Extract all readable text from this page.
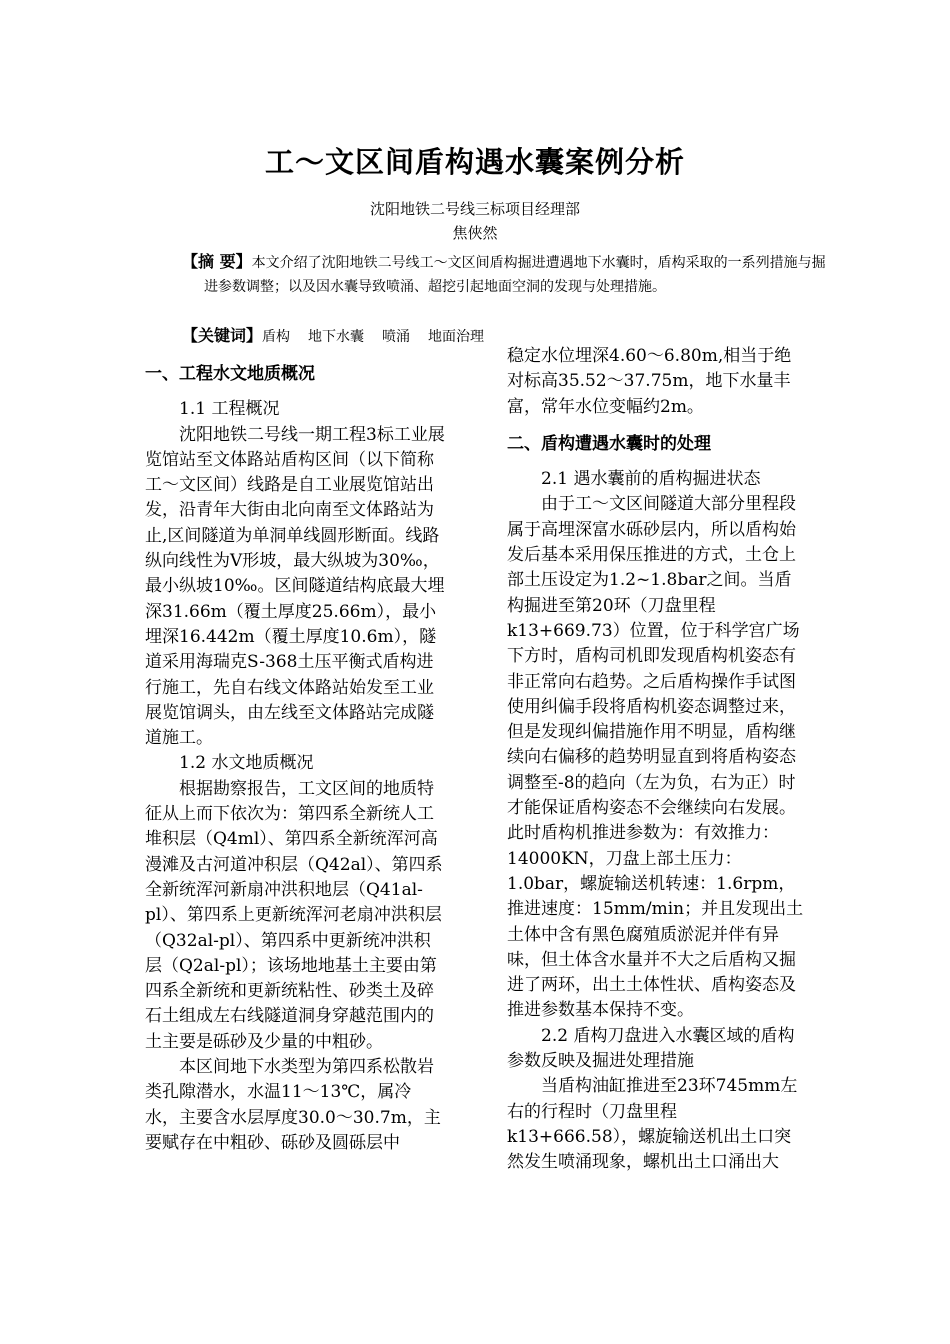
工～文区间盾构遇水囊案例分析
沈阳地铁二号线三标项目经理部
焦俠然
【摘 要】本文介绍了沈阳地铁二号线工～文区间盾构掘进遭遇地下水囊时，盾构采取的一系列措施与掘进参数调整；以及因水囊导致喷涌、超挖引起地面空洞的发现与处理措施。
【关键词】盾构 地下水囊 喷涌 地面治理

一、工程水文地质概况

1.1 工程概况

沈阳地铁二号线一期工程3标工业展览馆站至文体路站盾构区间（以下简称工～文区间）线路是自工业展览馆站出发，沿青年大街由北向南至文体路站为止,区间隧道为单洞单线圆形断面。线路纵向线性为Ⅴ形坡，最大纵坡为30‰，最小纵坡10‰。区间隧道结构底最大埋深31.66m（覆土厚度25.66m），最小埋深16.442m（覆土厚度10.6m），隧道采用海瑞克S-368土压平衡式盾构进行施工，先自右线文体路站始发至工业展览馆调头，由左线至文体路站完成隧道施工。

1.2 水文地质概况

根据勘察报告，工文区间的地质特征从上而下依次为：第四系全新统人工堆积层（Q4ml）、第四系全新统浑河高漫滩及古河道冲积层（Q42al）、第四系全新统浑河新扇冲洪积地层（Q41al-pl）、第四系上更新统浑河老扇冲洪积层（Q32al-pl）、第四系中更新统冲洪积层（Q2al-pl）；该场地地基土主要由第四系全新统和更新统粘性、砂类土及碎石土组成左右线隧道洞身穿越范围内的土主要是砾砂及少量的中粗砂。

本区间地下水类型为第四系松散岩类孔隙潜水，水温11～13℃，属冷水，主要含水层厚度30.0～30.7m，主要赋存在中粗砂、砾砂及圆砾层中

稳定水位埋深4.60～6.80m,相当于绝对标高35.52～37.75m，地下水量丰富，常年水位变幅约2m。

二、盾构遭遇水囊时的处理

2.1 遇水囊前的盾构掘进状态

由于工～文区间隧道大部分里程段属于高埋深富水砾砂层内，所以盾构始发后基本采用保压推进的方式，土仓上部土压设定为1.2~1.8bar之间。当盾构掘进至第20环（刀盘里程k13+669.73）位置，位于科学宫广场下方时，盾构司机即发现盾构机姿态有非正常向右趋势。之后盾构操作手试图使用纠偏手段将盾构机姿态调整过来，但是发现纠偏措施作用不明显，盾构继续向右偏移的趋势明显直到将盾构姿态调整至-8的趋向（左为负，右为正）时才能保证盾构姿态不会继续向右发展。此时盾构机推进参数为：有效推力：14000KN，刀盘上部土压力：1.0bar，螺旋输送机转速：1.6rpm，推进速度：15mm/min；并且发现出土土体中含有黑色腐殖质淤泥并伴有异味，但土体含水量并不大之后盾构又掘进了两环，出土土体性状、盾构姿态及推进参数基本保持不变。

2.2 盾构刀盘进入水囊区域的盾构参数反映及掘进处理措施

当盾构油缸推进至23环745mm左右的行程时（刀盘里程k13+666.58），螺旋输送机出土口突然发生喷涌现象，螺机出土口涌出大
